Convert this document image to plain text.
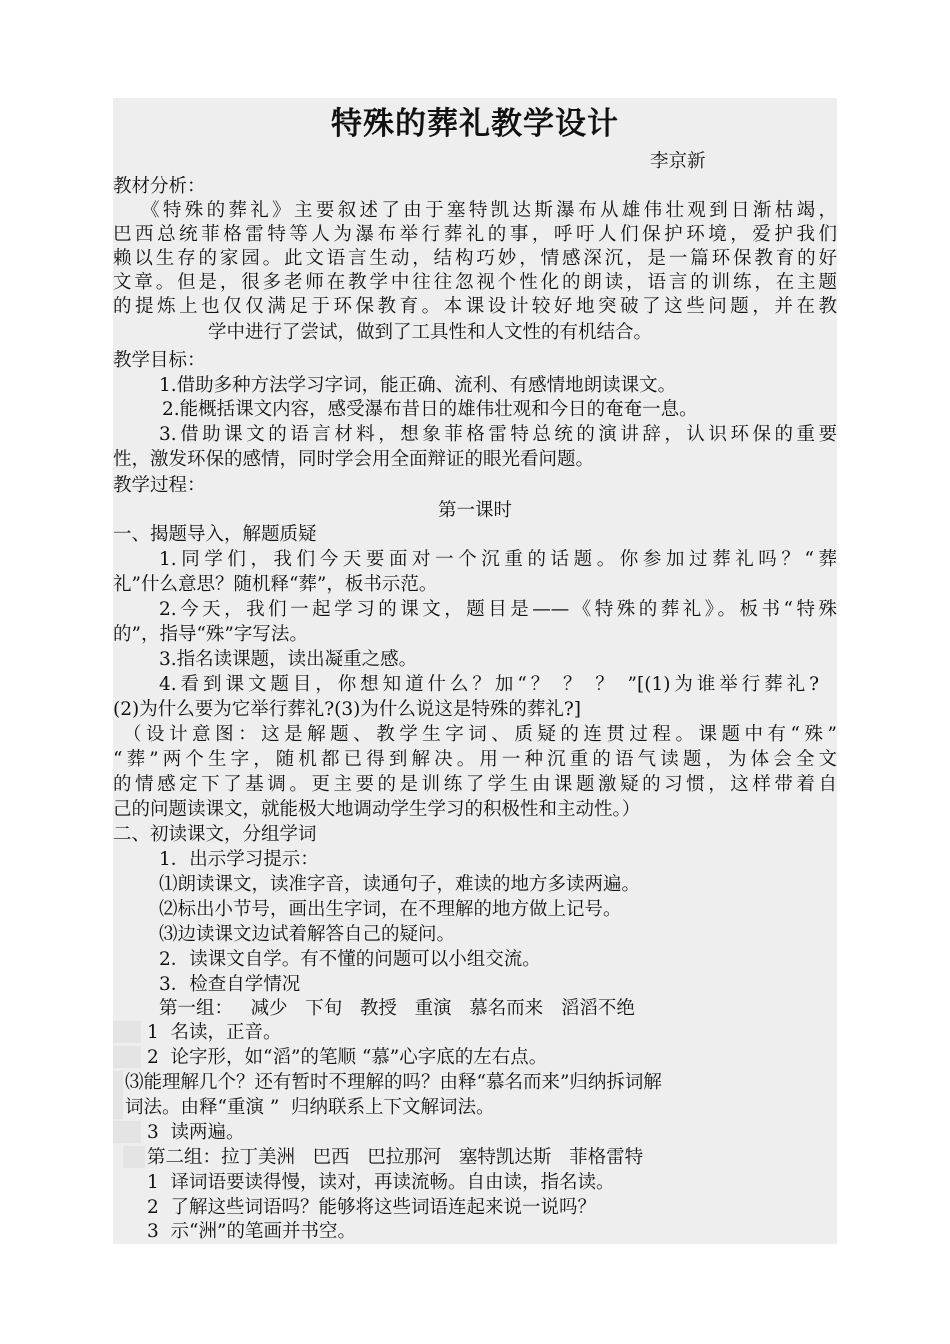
特殊的葬礼教学设计
李京新
教材分析：
《特殊的葬礼》主要叙述了由于塞特凯达斯瀑布从雄伟壮观到日渐枯竭，
巴西总统菲格雷特等人为瀑布举行葬礼的事，呼吁人们保护环境，爱护我们
赖以生存的家园。此文语言生动，结构巧妙，情感深沉，是一篇环保教育的好
文章。但是，很多老师在教学中往往忽视个性化的朗读，语言的训练，在主题
的提炼上也仅仅满足于环保教育。本课设计较好地突破了这些问题，并在教
学中进行了尝试，做到了工具性和人文性的有机结合。
教学目标：
1.借助多种方法学习字词，能正确、流利、有感情地朗读课文。
2.能概括课文内容，感受瀑布昔日的雄伟壮观和今日的奄奄一息。
3.借助课文的语言材料，想象菲格雷特总统的演讲辞，认识环保的重要
性，激发环保的感情，同时学会用全面辩证的眼光看问题。
教学过程：
第一课时
一、揭题导入，解题质疑
1.同学们，我们今天要面对一个沉重的话题。你参加过葬礼吗？“葬
礼”什么意思？随机释“葬”，板书示范。
2.今天，我们一起学习的课文，题目是——《特殊的葬礼》。板书“特殊
的”，指导“殊”字写法。
3.指名读课题，读出凝重之感。
4.看到课文题目，你想知道什么？加“？ ？ ？ ”[(1)为谁举行葬礼?
(2)为什么要为它举行葬礼?(3)为什么说这是特殊的葬礼?]
（设计意图：这是解题、教学生字词、质疑的连贯过程。课题中有“殊”
“葬”两个生字，随机都已得到解决。用一种沉重的语气读题，为体会全文
的情感定下了基调。更主要的是训练了学生由课题激疑的习惯，这样带着自
己的问题读课文，就能极大地调动学生学习的积极性和主动性。）
二、初读课文，分组学词
1．出示学习提示：
⑴朗读课文，读准字音，读通句子，难读的地方多读两遍。
⑵标出小节号，画出生字词，在不理解的地方做上记号。
⑶边读课文边试着解答自己的疑问。
2．读课文自学。有不懂的问题可以小组交流。
3．检查自学情况
第一组：   减少   下旬   教授   重演   慕名而来   滔滔不绝
1  名读，正音。
2  论字形，如“滔”的笔顺 “慕”心字底的左右点。
⑶能理解几个？还有暂时不理解的吗？由释“慕名而来”归纳拆词解
词法。由释“重演 ”  归纳联系上下文解词法。
3  读两遍。
第二组：拉丁美洲   巴西   巴拉那河   塞特凯达斯   菲格雷特
1  译词语要读得慢，读对，再读流畅。自由读，指名读。
2  了解这些词语吗？能够将这些词语连起来说一说吗？
3  示“洲”的笔画并书空。
